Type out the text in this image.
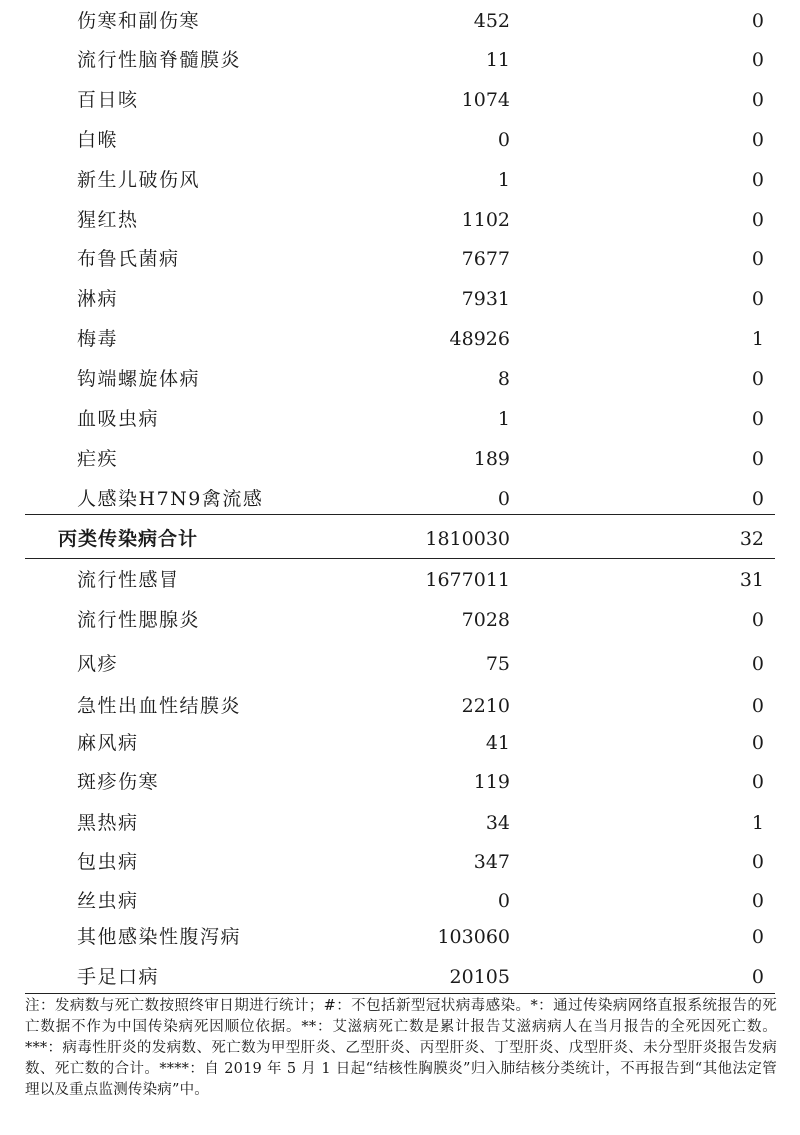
伤寒和副伤寒	452	0
流行性脑脊髓膜炎	11	0
百日咳	1074	0
白喉	0	0
新生儿破伤风	1	0
猩红热	1102	0
布鲁氏菌病	7677	0
淋病	7931	0
梅毒	48926	1
钩端螺旋体病	8	0
血吸虫病	1	0
疟疾	189	0
人感染H7N9禽流感	0	0
丙类传染病合计	1810030	32
流行性感冒	1677011	31
流行性腮腺炎	7028	0
风疹	75	0
急性出血性结膜炎	2210	0
麻风病	41	0
斑疹伤寒	119	0
黑热病	34	1
包虫病	347	0
丝虫病	0	0
其他感染性腹泻病	103060	0
手足口病	20105	0
注：发病数与死亡数按照终审日期进行统计；#：不包括新型冠状病毒感染。*：通过传染病网络直报系统报告的死亡数据不作为中国传染病死因顺位依据。**：艾滋病死亡数是累计报告艾滋病病人在当月报告的全死因死亡数。***：病毒性肝炎的发病数、死亡数为甲型肝炎、乙型肝炎、丙型肝炎、丁型肝炎、戊型肝炎、未分型肝炎报告发病数、死亡数的合计。****：自 2019 年 5 月 1 日起“结核性胸膜炎”归入肺结核分类统计，不再报告到“其他法定管理以及重点监测传染病”中。
